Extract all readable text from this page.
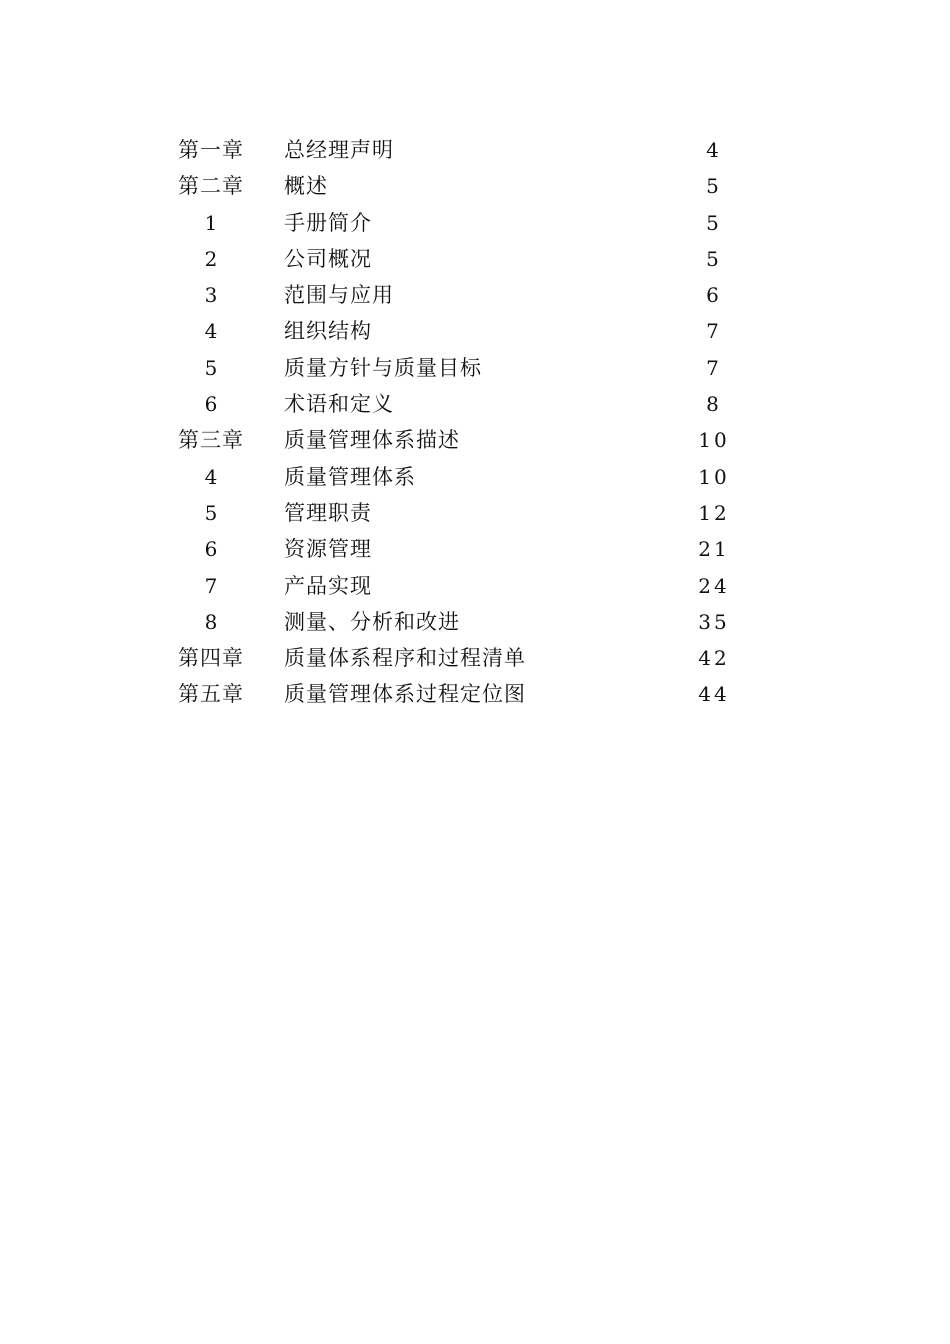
第一章 总经理声明	4
第二章 概述	5
1	手册简介	5
2	公司概况	5
3	范围与应用	6
4	组织结构	7
5	质量方针与质量目标	7
6	术语和定义	8
第三章 质量管理体系描述	10
4	质量管理体系	10
5	管理职责	12
6	资源管理	21
7	产品实现	24
8	测量、分析和改进	35
第四章 质量体系程序和过程清单	42
第五章 质量管理体系过程定位图	44
